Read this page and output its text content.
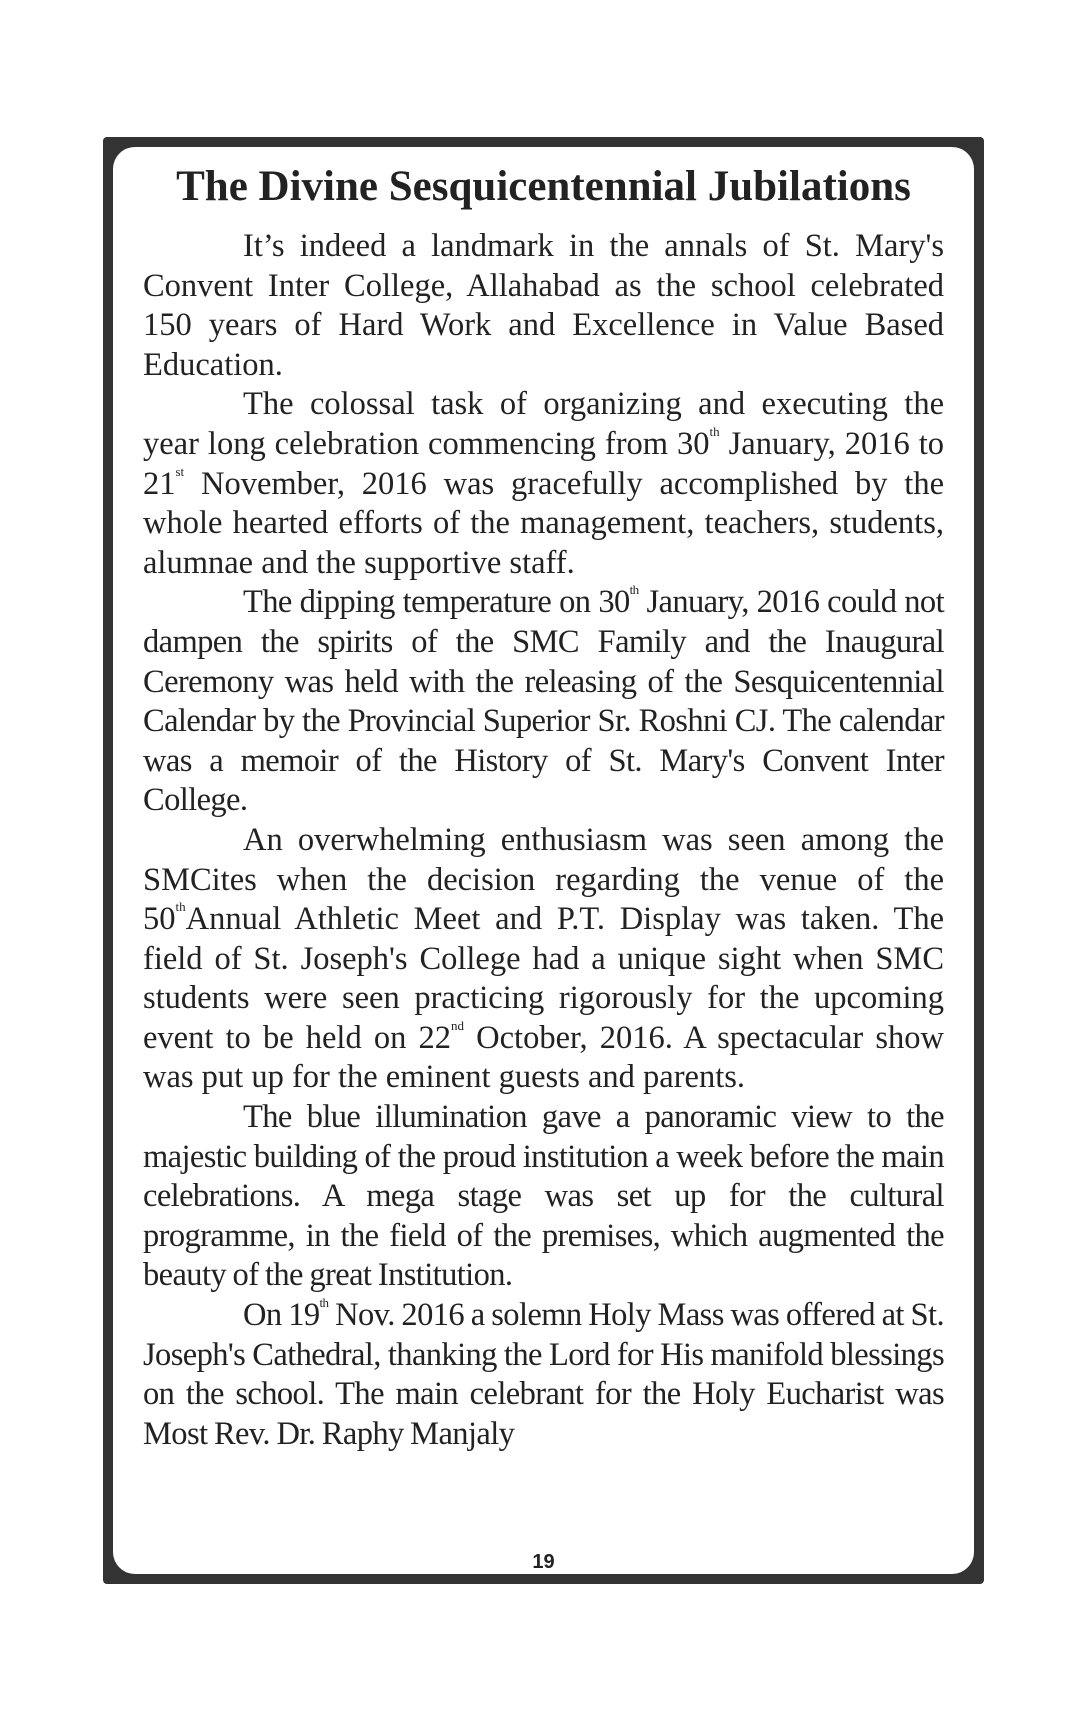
The Divine Sesquicentennial Jubilations

It’s indeed a landmark in the annals of St. Mary's Convent Inter College, Allahabad as the school celebrated 150 years of Hard Work and Excellence in Value Based Education.

The colossal task of organizing and executing the year long celebration commencing from 30th January, 2016 to 21st November, 2016 was gracefully accomplished by the whole hearted efforts of the management, teachers, students, alumnae and the supportive staff.

The dipping temperature on 30th January, 2016 could not dampen the spirits of the SMC Family and the Inaugural Ceremony was held with the releasing of the Sesquicentennial Calendar by the Provincial Superior Sr. Roshni CJ. The calendar was a memoir of the History of St. Mary's Convent Inter College.

An overwhelming enthusiasm was seen among the SMCites when the decision regarding the venue of the 50thAnnual Athletic Meet and P.T. Display was taken. The field of St. Joseph's College had a unique sight when SMC students were seen practicing rigorously for the upcoming event to be held on 22nd October, 2016. A spectacular show was put up for the eminent guests and parents.

The blue illumination gave a panoramic view to the majestic building of the proud institution a week before the main celebrations. A mega stage was set up for the cultural programme, in the field of the premises, which augmented the beauty of the great Institution.

On 19th Nov. 2016 a solemn Holy Mass was offered at St. Joseph's Cathedral, thanking the Lord for His manifold blessings on the school. The main celebrant for the Holy Eucharist was Most Rev. Dr. Raphy Manjaly

19
